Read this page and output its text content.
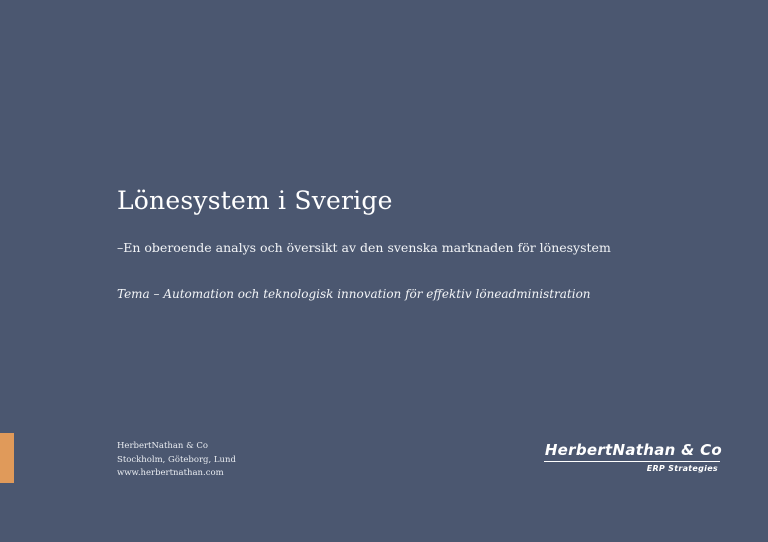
Lönesystem i Sverige

–En oberoende analys och översikt av den svenska marknaden för lönesystem

Tema – Automation och teknologisk innovation för effektiv löneadministration

HerbertNathan & Co
Stockholm, Göteborg, Lund
www.herbertnathan.com
HerbertNathan & Co
ERP Strategies
